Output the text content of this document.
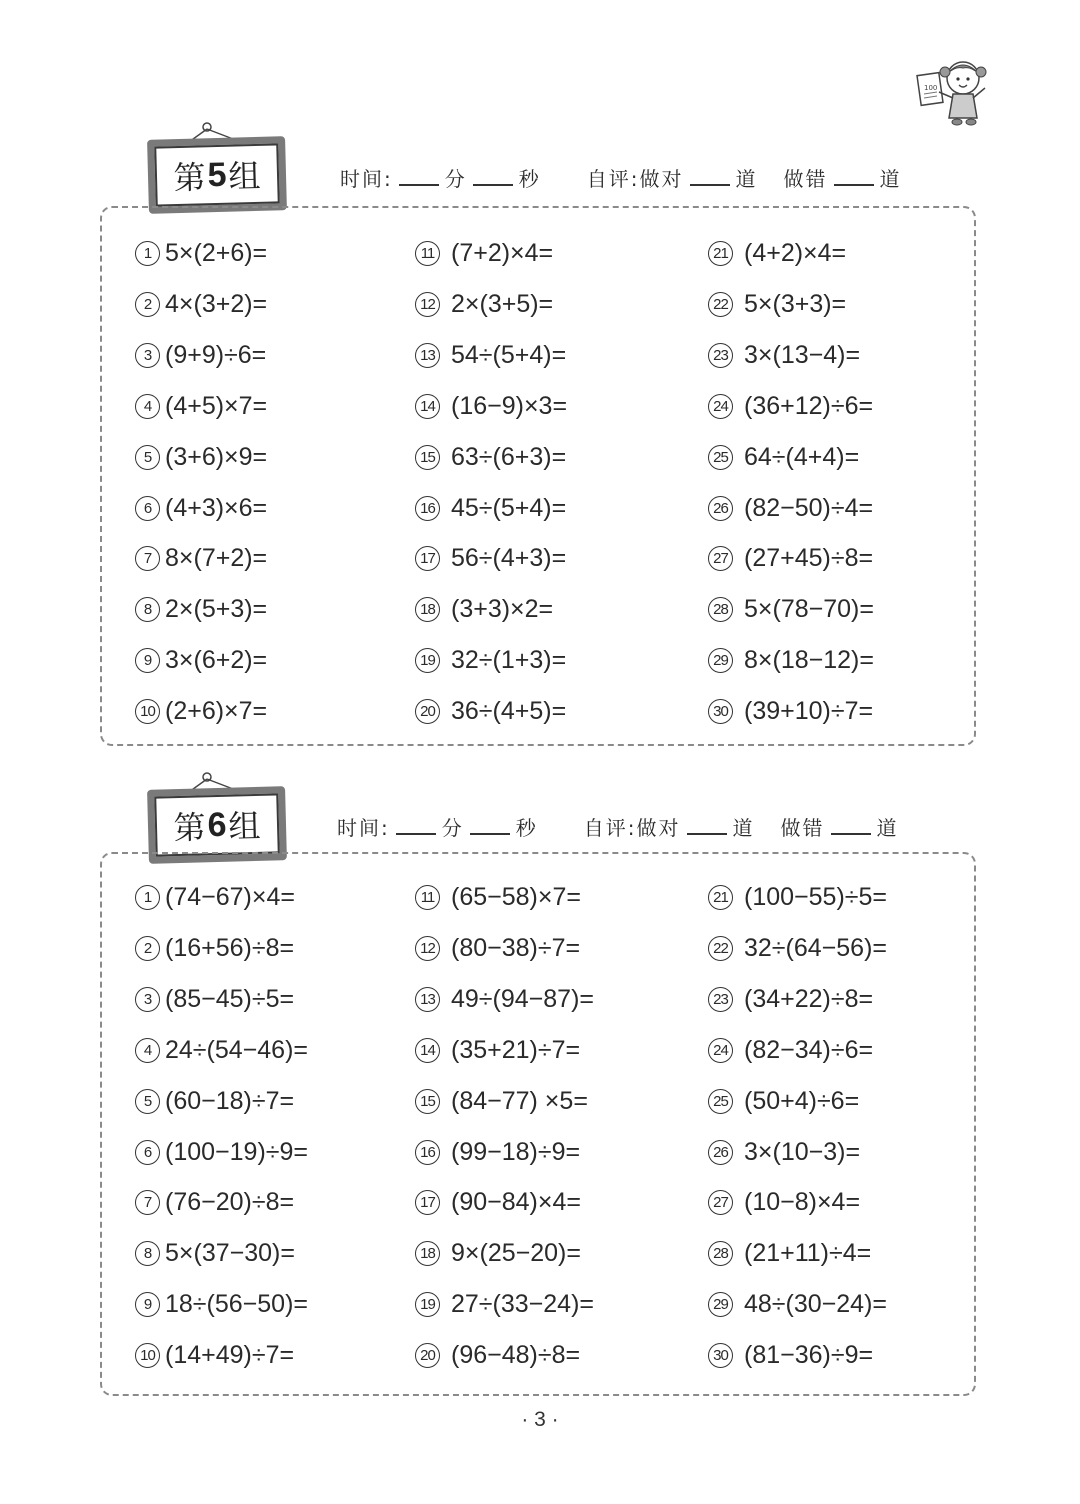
100
第 5 组	时间:	分	秒 自评:做对	道 做错	道
1 5×(2+6)=
2 4×(3+2)=
3 (9+9)÷6=
4 (4+5)×7=
5 (3+6)×9=
6 (4+3)×6=
7 8×(7+2)=
8 2×(5+3)=
9 3×(6+2)=
10 (2+6)×7=
11 (7+2)×4=
12 2×(3+5)=
13 54÷(5+4)=
14 (16−9)×3=
15 63÷(6+3)=
16 45÷(5+4)=
17 56÷(4+3)=
18 (3+3)×2=
19 32÷(1+3)=
20 36÷(4+5)=
21 (4+2)×4=
22 5×(3+3)=
23 3×(13−4)=
24 (36+12)÷6=
25 64÷(4+4)=
26 (82−50)÷4=
27 (27+45)÷8=
28 5×(78−70)=
29 8×(18−12)=
30 (39+10)÷7=
第 6 组	时间:	分	秒 自评:做对	道 做错	道
1 (74−67)×4=
2 (16+56)÷8=
3 (85−45)÷5=
4 24÷(54−46)=
5 (60−18)÷7=
6 (100−19)÷9=
7 (76−20)÷8=
8 5×(37−30)=
9 18÷(56−50)=
10 (14+49)÷7=
11 (65−58)×7=
12 (80−38)÷7=
13 49÷(94−87)=
14 (35+21)÷7=
15 (84−77) ×5=
16 (99−18)÷9=
17 (90−84)×4=
18 9×(25−20)=
19 27÷(33−24)=
20 (96−48)÷8=
21 (100−55)÷5=
22 32÷(64−56)=
23 (34+22)÷8=
24 (82−34)÷6=
25 (50+4)÷6=
26 3×(10−3)=
27 (10−8)×4=
28 (21+11)÷4=
29 48÷(30−24)=
30 (81−36)÷9=
· 3 ·
